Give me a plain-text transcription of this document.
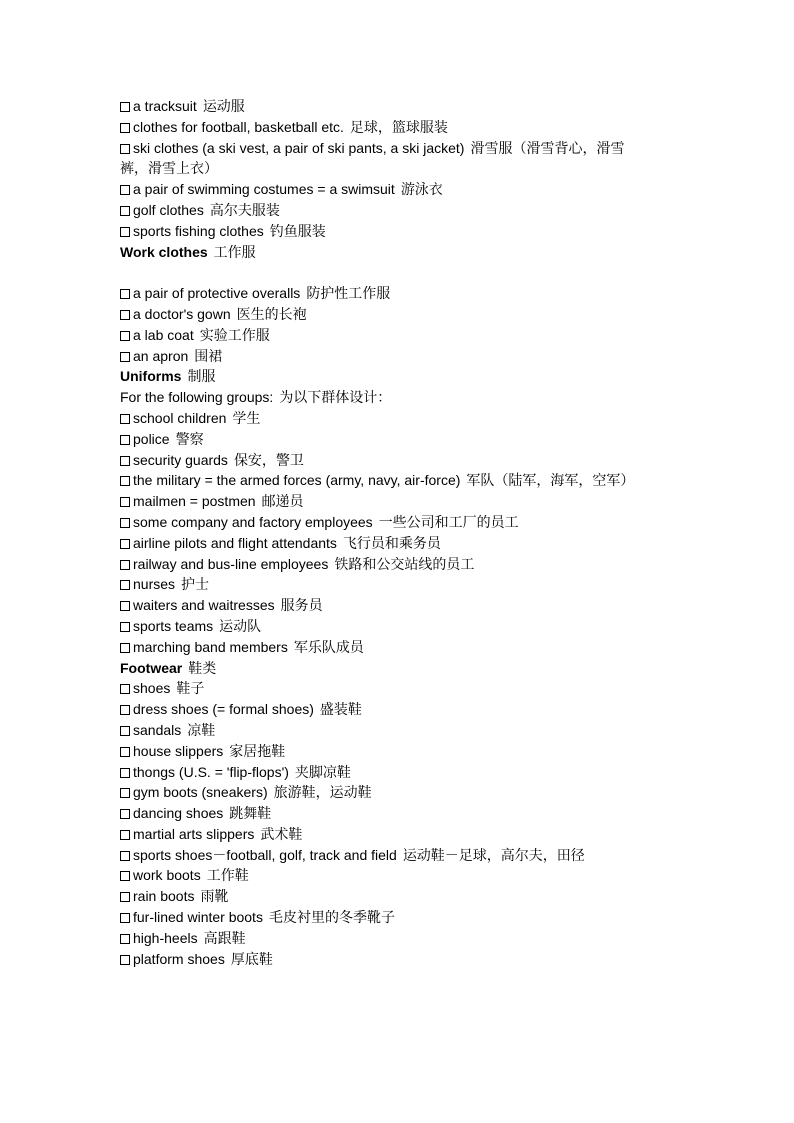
a tracksuit 运动服
clothes for football, basketball etc. 足球，篮球服装
ski clothes (a ski vest, a pair of ski pants, a ski jacket) 滑雪服（滑雪背心，滑雪裤，滑雪上衣）
a pair of swimming costumes = a swimsuit 游泳衣
golf clothes 高尔夫服装
sports fishing clothes 钓鱼服装
Work clothes 工作服
a pair of protective overalls 防护性工作服
a doctor's gown 医生的长袍
a lab coat 实验工作服
an apron 围裙
Uniforms 制服
For the following groups: 为以下群体设计：
school children 学生
police 警察
security guards 保安，警卫
the military = the armed forces (army, navy, air-force) 军队（陆军，海军，空军）
mailmen = postmen 邮递员
some company and factory employees 一些公司和工厂的员工
airline pilots and flight attendants 飞行员和乘务员
railway and bus-line employees 铁路和公交站线的员工
nurses 护士
waiters and waitresses 服务员
sports teams 运动队
marching band members 军乐队成员
Footwear 鞋类
shoes 鞋子
dress shoes (= formal shoes) 盛装鞋
sandals 凉鞋
house slippers 家居拖鞋
thongs (U.S. = 'flip-flops') 夹脚凉鞋
gym boots (sneakers) 旅游鞋，运动鞋
dancing shoes 跳舞鞋
martial arts slippers 武术鞋
sports shoes－football, golf, track and field 运动鞋－足球，高尔夫，田径
work boots 工作鞋
rain boots 雨靴
fur-lined winter boots 毛皮衬里的冬季靴子
high-heels 高跟鞋
platform shoes 厚底鞋
